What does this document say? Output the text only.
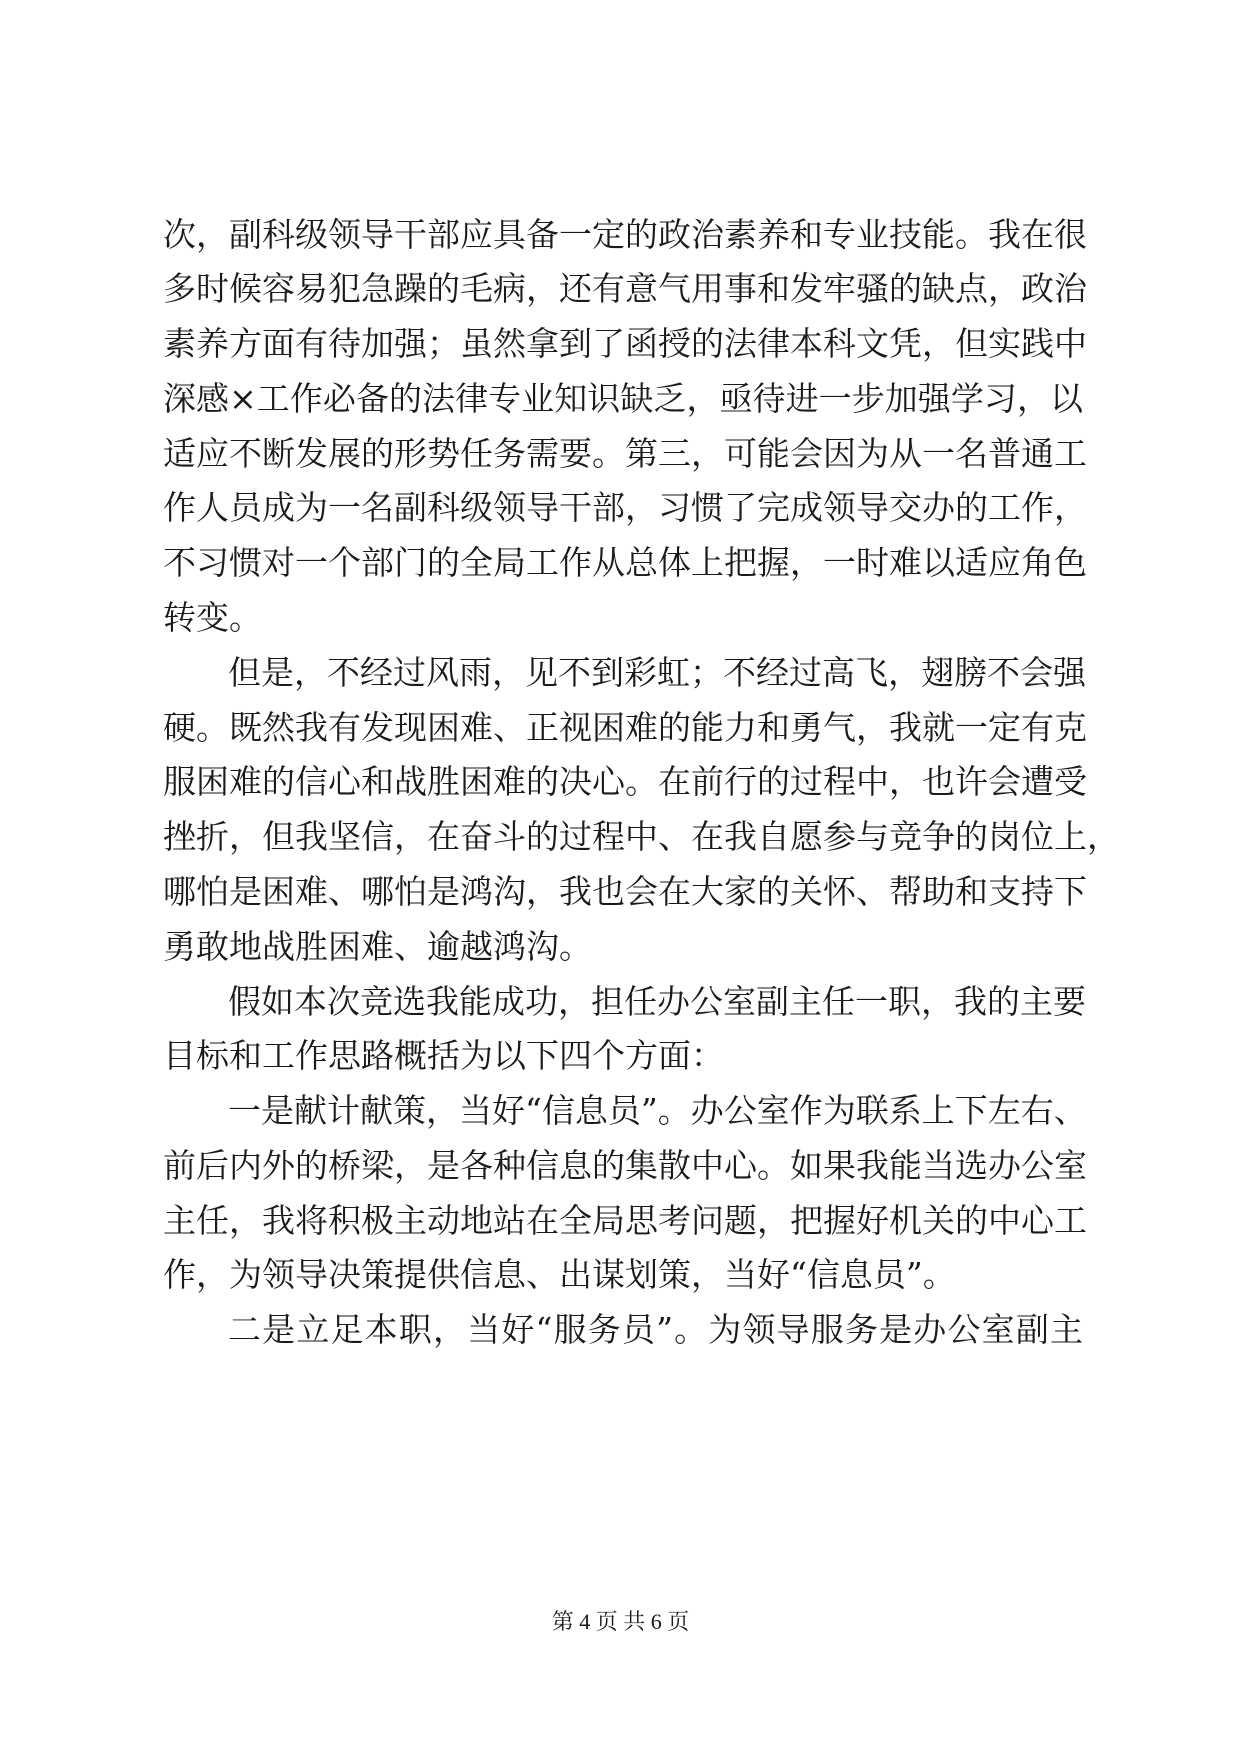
次，副科级领导干部应具备一定的政治素养和专业技能。我在很
多时候容易犯急躁的毛病，还有意气用事和发牢骚的缺点，政治
素养方面有待加强；虽然拿到了函授的法律本科文凭，但实践中
深感×工作必备的法律专业知识缺乏，亟待进一步加强学习，以
适应不断发展的形势任务需要。第三，可能会因为从一名普通工
作人员成为一名副科级领导干部，习惯了完成领导交办的工作，
不习惯对一个部门的全局工作从总体上把握，一时难以适应角色
转变。
但是，不经过风雨，见不到彩虹；不经过高飞，翅膀不会强
硬。既然我有发现困难、正视困难的能力和勇气，我就一定有克
服困难的信心和战胜困难的决心。在前行的过程中，也许会遭受
挫折，但我坚信，在奋斗的过程中、在我自愿参与竞争的岗位上，
哪怕是困难、哪怕是鸿沟，我也会在大家的关怀、帮助和支持下
勇敢地战胜困难、逾越鸿沟。
假如本次竞选我能成功，担任办公室副主任一职，我的主要
目标和工作思路概括为以下四个方面：
一是献计献策，当好“信息员”。办公室作为联系上下左右、
前后内外的桥梁，是各种信息的集散中心。如果我能当选办公室
主任，我将积极主动地站在全局思考问题，把握好机关的中心工
作，为领导决策提供信息、出谋划策，当好“信息员”。
二是立足本职，当好“服务员”。为领导服务是办公室副主
第 4 页 共 6 页
